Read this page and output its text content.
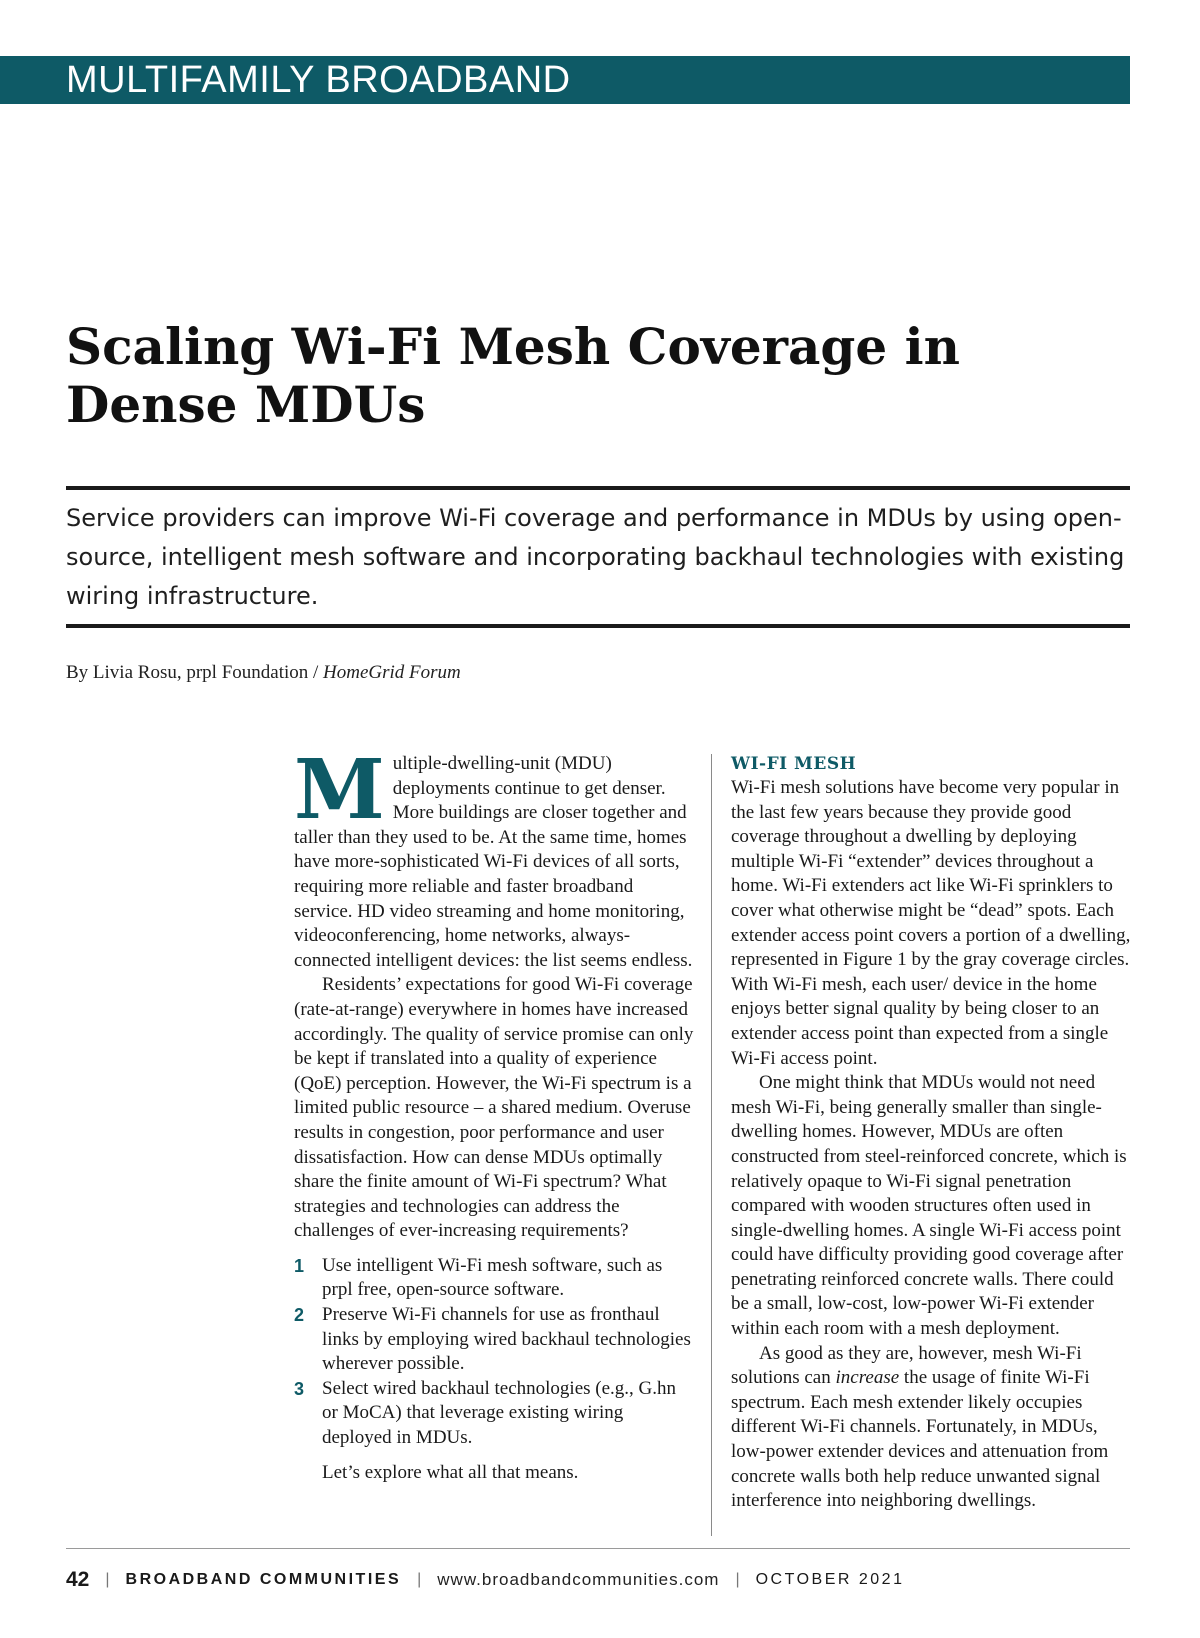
MULTIFAMILY BROADBAND
Scaling Wi-Fi Mesh Coverage in Dense MDUs

Service providers can improve Wi-Fi coverage and performance in MDUs by using open-source, intelligent mesh software and incorporating backhaul technologies with existing wiring infrastructure.

By Livia Rosu, prpl Foundation / HomeGrid Forum

Multiple-dwelling-unit (MDU) deployments continue to get denser. More buildings are closer together and taller than they used to be. At the same time, homes have more-sophisticated Wi-Fi devices of all sorts, requiring more reliable and faster broadband service. HD video streaming and home monitoring, videoconferencing, home networks, always-connected intelligent devices: the list seems endless.

Residents’ expectations for good Wi-Fi coverage (rate-at-range) everywhere in homes have increased accordingly. The quality of service promise can only be kept if translated into a quality of experience (QoE) perception. However, the Wi-Fi spectrum is a limited public resource – a shared medium. Overuse results in congestion, poor performance and user dissatisfaction. How can dense MDUs optimally share the finite amount of Wi-Fi spectrum? What strategies and technologies can address the challenges of ever-increasing requirements?

1 Use intelligent Wi-Fi mesh software, such as prpl free, open-source software.
2 Preserve Wi-Fi channels for use as fronthaul links by employing wired backhaul technologies wherever possible.
3 Select wired backhaul technologies (e.g., G.hn or MoCA) that leverage existing wiring deployed in MDUs.

Let’s explore what all that means.

WI-FI MESH

Wi-Fi mesh solutions have become very popular in the last few years because they provide good coverage throughout a dwelling by deploying multiple Wi-Fi “extender” devices throughout a home. Wi-Fi extenders act like Wi-Fi sprinklers to cover what otherwise might be “dead” spots. Each extender access point covers a portion of a dwelling, represented in Figure 1 by the gray coverage circles. With Wi-Fi mesh, each user/ device in the home enjoys better signal quality by being closer to an extender access point than expected from a single Wi-Fi access point.

One might think that MDUs would not need mesh Wi-Fi, being generally smaller than single-dwelling homes. However, MDUs are often constructed from steel-reinforced concrete, which is relatively opaque to Wi-Fi signal penetration compared with wooden structures often used in single-dwelling homes. A single Wi-Fi access point could have difficulty providing good coverage after penetrating reinforced concrete walls. There could be a small, low-cost, low-power Wi-Fi extender within each room with a mesh deployment.

As good as they are, however, mesh Wi-Fi solutions can increase the usage of finite Wi-Fi spectrum. Each mesh extender likely occupies different Wi-Fi channels. Fortunately, in MDUs, low-power extender devices and attenuation from concrete walls both help reduce unwanted signal interference into neighboring dwellings.

42 | BROADBAND COMMUNITIES | www.broadbandcommunities.com | OCTOBER 2021
